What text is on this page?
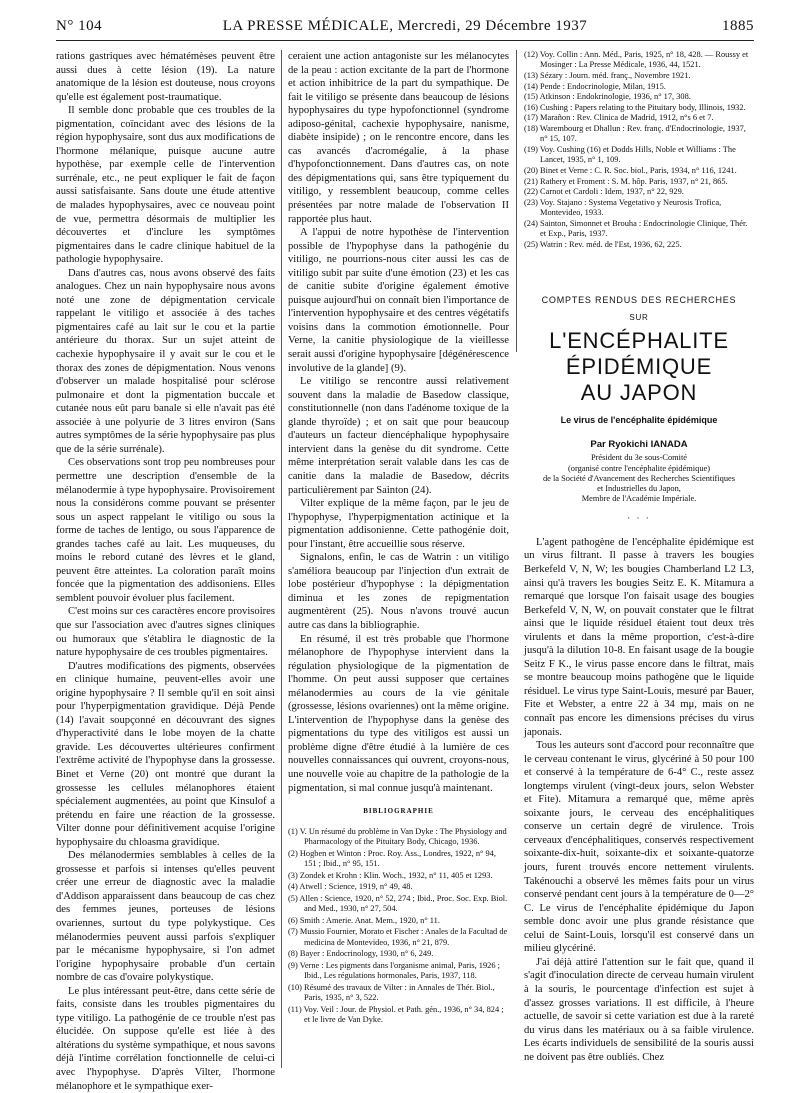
N° 104	LA PRESSE MÉDICALE, Mercredi, 29 Décembre 1937	1885

rations gastriques avec hématémèses peuvent être aussi dues à cette lésion (19). La nature anatomique de la lésion est douteuse, nous croyons qu'elle est également post-traumatique.

Il semble donc probable que ces troubles de la pigmentation, coïncidant avec des lésions de la région hypophysaire, sont dus aux modifications de l'hormone mélanique, puisque aucune autre hypothèse, par exemple celle de l'intervention surrénale, etc., ne peut expliquer le fait de façon aussi satisfaisante. Sans doute une étude attentive de malades hypophysaires, avec ce nouveau point de vue, permettra désormais de multiplier les découvertes et d'inclure les symptômes pigmentaires dans le cadre clinique habituel de la pathologie hypophysaire.

Dans d'autres cas, nous avons observé des faits analogues. Chez un nain hypophysaire nous avons noté une zone de dépigmentation cervicale rappelant le vitiligo et associée à des taches pigmentaires café au lait sur le cou et la partie antérieure du thorax. Sur un sujet atteint de cachexie hypophysaire il y avait sur le cou et le thorax des zones de dépigmentation. Nous venons d'observer un malade hospitalisé pour sclérose pulmonaire et dont la pigmentation buccale et cutanée nous eût paru banale si elle n'avait pas été associée à une polyurie de 3 litres environ (Sans autres symptômes de la série hypophysaire pas plus que de la série surrénale).

Ces observations sont trop peu nombreuses pour permettre une description d'ensemble de la mélanodermie à type hypophysaire. Provisoirement nous la considérons comme pouvant se présenter sous un aspect rappelant le vitiligo ou sous la forme de taches de lentigo, ou sous l'apparence de grandes taches café au lait. Les muqueuses, du moins le rebord cutané des lèvres et le gland, peuvent être atteintes. La coloration paraît moins foncée que la pigmentation des addisoniens. Elles semblent pouvoir évoluer plus facilement.

C'est moins sur ces caractères encore provisoires que sur l'association avec d'autres signes cliniques ou humoraux que s'établira le diagnostic de la nature hypophysaire de ces troubles pigmentaires.

D'autres modifications des pigments, observées en clinique humaine, peuvent-elles avoir une origine hypophysaire ? Il semble qu'il en soit ainsi pour l'hyperpigmentation gravidique. Déjà Pende (14) l'avait soupçonné en découvrant des signes d'hyperactivité dans le lobe moyen de la chatte gravide. Les découvertes ultérieures confirment l'extrême activité de l'hypophyse dans la grossesse. Binet et Verne (20) ont montré que durant la grossesse les cellules mélanophores étaient spécialement augmentées, au point que Kinsulof a prétendu en faire une réaction de la grossesse. Vilter donne pour définitivement acquise l'origine hypophysaire du chloasma gravidique.

Des mélanodermies semblables à celles de la grossesse et parfois si intenses qu'elles peuvent créer une erreur de diagnostic avec la maladie d'Addison apparaissent dans beaucoup de cas chez des femmes jeunes, porteuses de lésions ovariennes, surtout du type polykystique. Ces mélanodermies peuvent aussi parfois s'expliquer par le mécanisme hypophysaire, si l'on admet l'origine hypophysaire probable d'un certain nombre de cas d'ovaire polykystique.

Le plus intéressant peut-être, dans cette série de faits, consiste dans les troubles pigmentaires du type vitiligo. La pathogénie de ce trouble n'est pas élucidée. On suppose qu'elle est liée à des altérations du système sympathique, et nous savons déjà l'intime corrélation fonctionnelle de celui-ci avec l'hypophyse. D'après Vilter, l'hormone mélanophore et le sympathique exer-

ceraient une action antagoniste sur les mélanocytes de la peau : action excitante de la part de l'hormone et action inhibitrice de la part du sympathique. De fait le vitiligo se présente dans beaucoup de lésions hypophysaires du type hypofonctionnel (syndrome adiposo-génital, cachexie hypophysaire, nanisme, diabète insipide) ; on le rencontre encore, dans les cas avancés d'acromégalie, à la phase d'hypofonctionnement. Dans d'autres cas, on note des dépigmentations qui, sans être typiquement du vitiligo, y ressemblent beaucoup, comme celles présentées par notre malade de l'observation II rapportée plus haut.

A l'appui de notre hypothèse de l'intervention possible de l'hypophyse dans la pathogénie du vitiligo, ne pourrions-nous citer aussi les cas de vitiligo subit par suite d'une émotion (23) et les cas de canitie subite d'origine également émotive puisque aujourd'hui on connaît bien l'importance de l'intervention hypophysaire et des centres végétatifs voisins dans la commotion émotionnelle. Pour Verne, la canitie physiologique de la vieillesse serait aussi d'origine hypophysaire [dégénérescence involutive de la glande] (9).

Le vitiligo se rencontre aussi relativement souvent dans la maladie de Basedow classique, constitutionnelle (non dans l'adénome toxique de la glande thyroïde) ; et on sait que pour beaucoup d'auteurs un facteur diencéphalique hypophysaire intervient dans la genèse du dit syndrome. Cette même interprétation serait valable dans les cas de canitie dans la maladie de Basedow, décrits particulièrement par Sainton (24).

Vilter explique de la même façon, par le jeu de l'hypophyse, l'hyperpigmentation actinique et la pigmentation addisonienne. Cette pathogénie doit, pour l'instant, être accueillie sous réserve.

Signalons, enfin, le cas de Watrin : un vitiligo s'améliora beaucoup par l'injection d'un extrait de lobe postérieur d'hypophyse : la dépigmentation diminua et les zones de repigmentation augmentèrent (25). Nous n'avons trouvé aucun autre cas dans la bibliographie.

En résumé, il est très probable que l'hormone mélanophore de l'hypophyse intervient dans la régulation physiologique de la pigmentation de l'homme. On peut aussi supposer que certaines mélanodermies au cours de la vie génitale (grossesse, lésions ovariennes) ont la même origine. L'intervention de l'hypophyse dans la genèse des pigmentations du type des vitiligos est aussi un problème digne d'être étudié à la lumière de ces nouvelles connaissances qui ouvrent, croyons-nous, une nouvelle voie au chapitre de la pathologie de la pigmentation, si mal connue jusqu'à maintenant.

BIBLIOGRAPHIE
(1) V. Un résumé du problème in Van Dyke : The Physiology and Pharmacology of the Pituitary Body, Chicago, 1936.
(2) Hogben et Winton : Proc. Roy. Ass., Londres, 1922, n° 94, 151 ; Ibid., n° 95, 151.
(3) Zondek et Krohn : Klin. Woch., 1932, n° 11, 405 et 1293.
(4) Atwell : Science, 1919, n° 49, 48.
(5) Allen : Science, 1920, n° 52, 274 ; Ibid., Proc. Soc. Exp. Biol. and Med., 1930, n° 27, 504.
(6) Smith : Amerie. Anat. Mem., 1920, n° 11.
(7) Mussio Fournier, Morato et Fischer : Anales de la Facultad de medicina de Montevideo, 1936, n° 21, 879.
(8) Bayer : Endocrinology, 1930, n° 6, 249.
(9) Verne : Les pigments dans l'organisme animal, Paris, 1926 ; Ibid., Les régulations hormonales, Paris, 1937, 118.
(10) Résumé des travaux de Vilter : in Annales de Thér. Biol., Paris, 1935, n° 3, 522.
(11) Voy. Veil : Jour. de Physiol. et Path. gén., 1936, n° 34, 824 ; et le livre de Van Dyke.
(12) Voy. Collin : Ann. Méd., Paris, 1925, n° 18, 428. — Roussy et Mosinger : La Presse Médicale, 1936, 44, 1521.
(13) Sézary : Journ. méd. franç., Novembre 1921.
(14) Pende : Endocrinologie, Milan, 1915.
(15) Atkinson : Endokrinologie, 1936, n° 17, 308.
(16) Cushing : Papers relating to the Pituitary body, Illinois, 1932.
(17) Marañon : Rev. Clinica de Madrid, 1912, n°s 6 et 7.
(18) Warembourg et Dhallun : Rev. franç. d'Endocrinologie, 1937, n° 15, 107.
(19) Voy. Cushing (16) et Dodds Hills, Noble et Williams : The Lancet, 1935, n° 1, 109.
(20) Binet et Verne : C. R. Soc. biol., Paris, 1934, n° 116, 1241.
(21) Rathery et Froment : S. M. hôp. Paris, 1937, n° 21, 865.
(22) Carnot et Cardoli : Idem, 1937, n° 22, 929.
(23) Voy. Stajano : Systema Vegetativo y Neurosis Trofica, Montevideo, 1933.
(24) Sainton, Simonnet et Brouha : Endocrinologie Clinique, Thér. et Exp., Paris, 1937.
(25) Watrin : Rev. méd. de l'Est, 1936, 62, 225.
COMPTES RENDUS DES RECHERCHES
SUR
L'ENCÉPHALITE ÉPIDÉMIQUE
AU JAPON
Le virus de l'encéphalite épidémique
Par Ryokichi IANADA
Président du 3e sous-Comité
(organisé contre l'encéphalite épidémique)
de la Société d'Avancement des Recherches Scientifiques
et Industrielles du Japon,
Membre de l'Académie Impériale.
· · ·

L'agent pathogène de l'encéphalite épidémique est un virus filtrant. Il passe à travers les bougies Berkefeld V, N, W; les bougies Chamberland L2 L3, ainsi qu'à travers les bougies Seitz E. K. Mitamura a remarqué que lorsque l'on faisait usage des bougies Berkefeld V, N, W, on pouvait constater que le filtrat ainsi que le liquide résiduel étaient tout deux très virulents et dans la même proportion, c'est-à-dire jusqu'à la dilution 10-8. En faisant usage de la bougie Seitz F K., le virus passe encore dans le filtrat, mais se montre beaucoup moins pathogène que le liquide résiduel. Le virus type Saint-Louis, mesuré par Bauer, Fite et Webster, a entre 22 à 34 mμ, mais on ne connaît pas encore les dimensions précises du virus japonais.

Tous les auteurs sont d'accord pour reconnaître que le cerveau contenant le virus, glycériné à 50 pour 100 et conservé à la température de 6-4° C., reste assez longtemps virulent (vingt-deux jours, selon Webster et Fite). Mitamura a remarqué que, même après soixante jours, le cerveau des encéphalitiques conserve un certain degré de virulence. Trois cerveaux d'encéphalitiques, conservés respectivement soixante-dix-huit, soixante-dix et soixante-quatorze jours, furent trouvés encore nettement virulents. Takénouchi a observé les mêmes faits pour un virus conservé pendant cent jours à la température de 0—2° C. Le virus de l'encéphalite épidémique du Japon semble donc avoir une plus grande résistance que celui de Saint-Louis, lorsqu'il est conservé dans un milieu glycériné.

J'ai déjà attiré l'attention sur le fait que, quand il s'agit d'inoculation directe de cerveau humain virulent à la souris, le pourcentage d'infection est sujet à d'assez grosses variations. Il est difficile, à l'heure actuelle, de savoir si cette variation est due à la rareté du virus dans les matériaux ou à sa faible virulence. Les écarts individuels de sensibilité de la souris aussi ne doivent pas être oubliés. Chez
